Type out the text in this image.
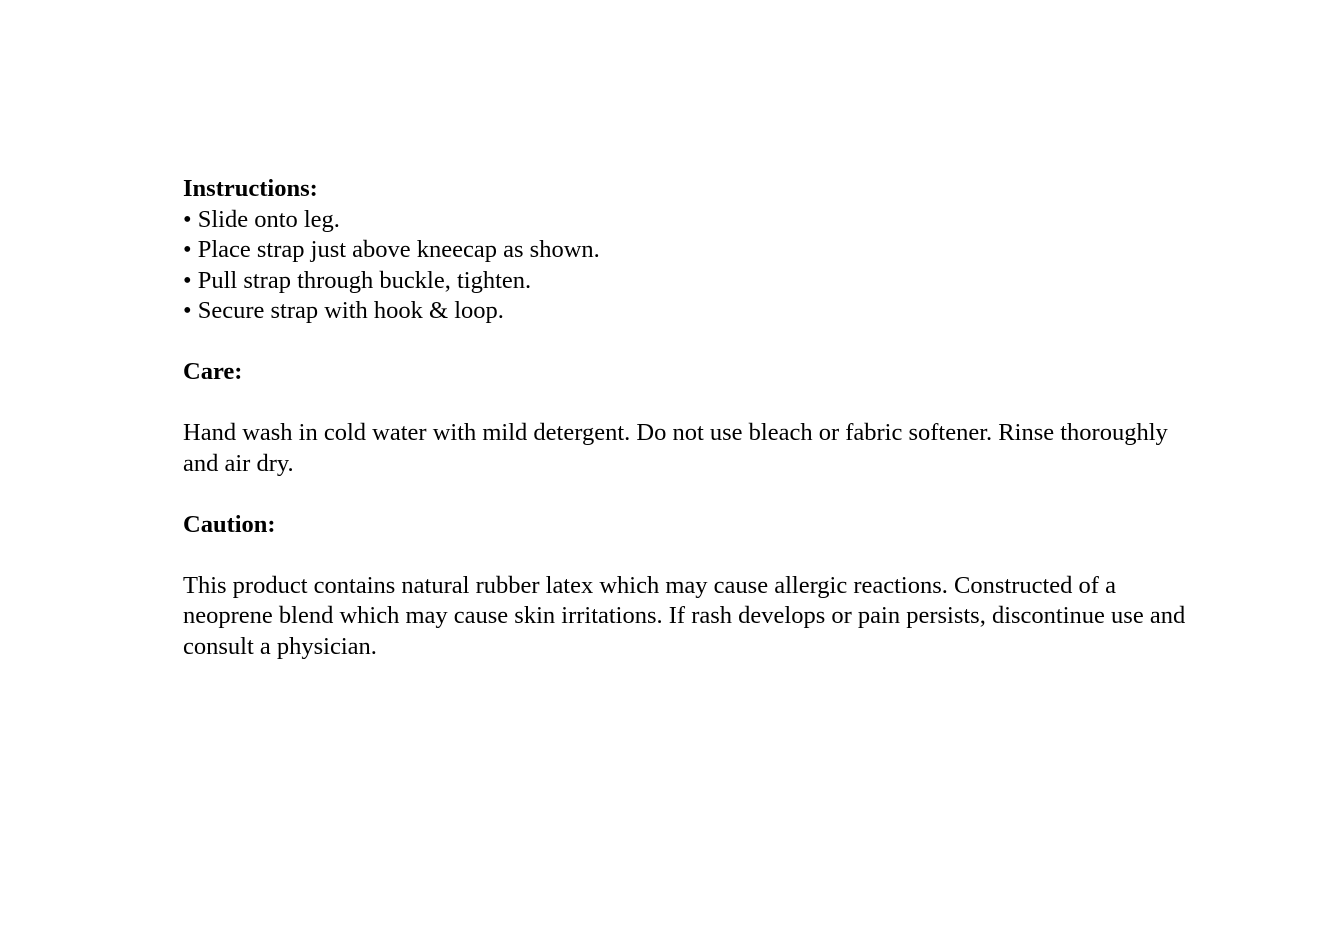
Instructions:

• Slide onto leg.

• Place strap just above kneecap as shown.

• Pull strap through buckle, tighten.

• Secure strap with hook & loop.

Care:

Hand wash in cold water with mild detergent. Do not use bleach or fabric softener. Rinse thoroughly and air dry.

Caution:

This product contains natural rubber latex which may cause allergic reactions. Constructed of a neoprene blend which may cause skin irritations. If rash develops or pain persists, discontinue use and consult a physician.
